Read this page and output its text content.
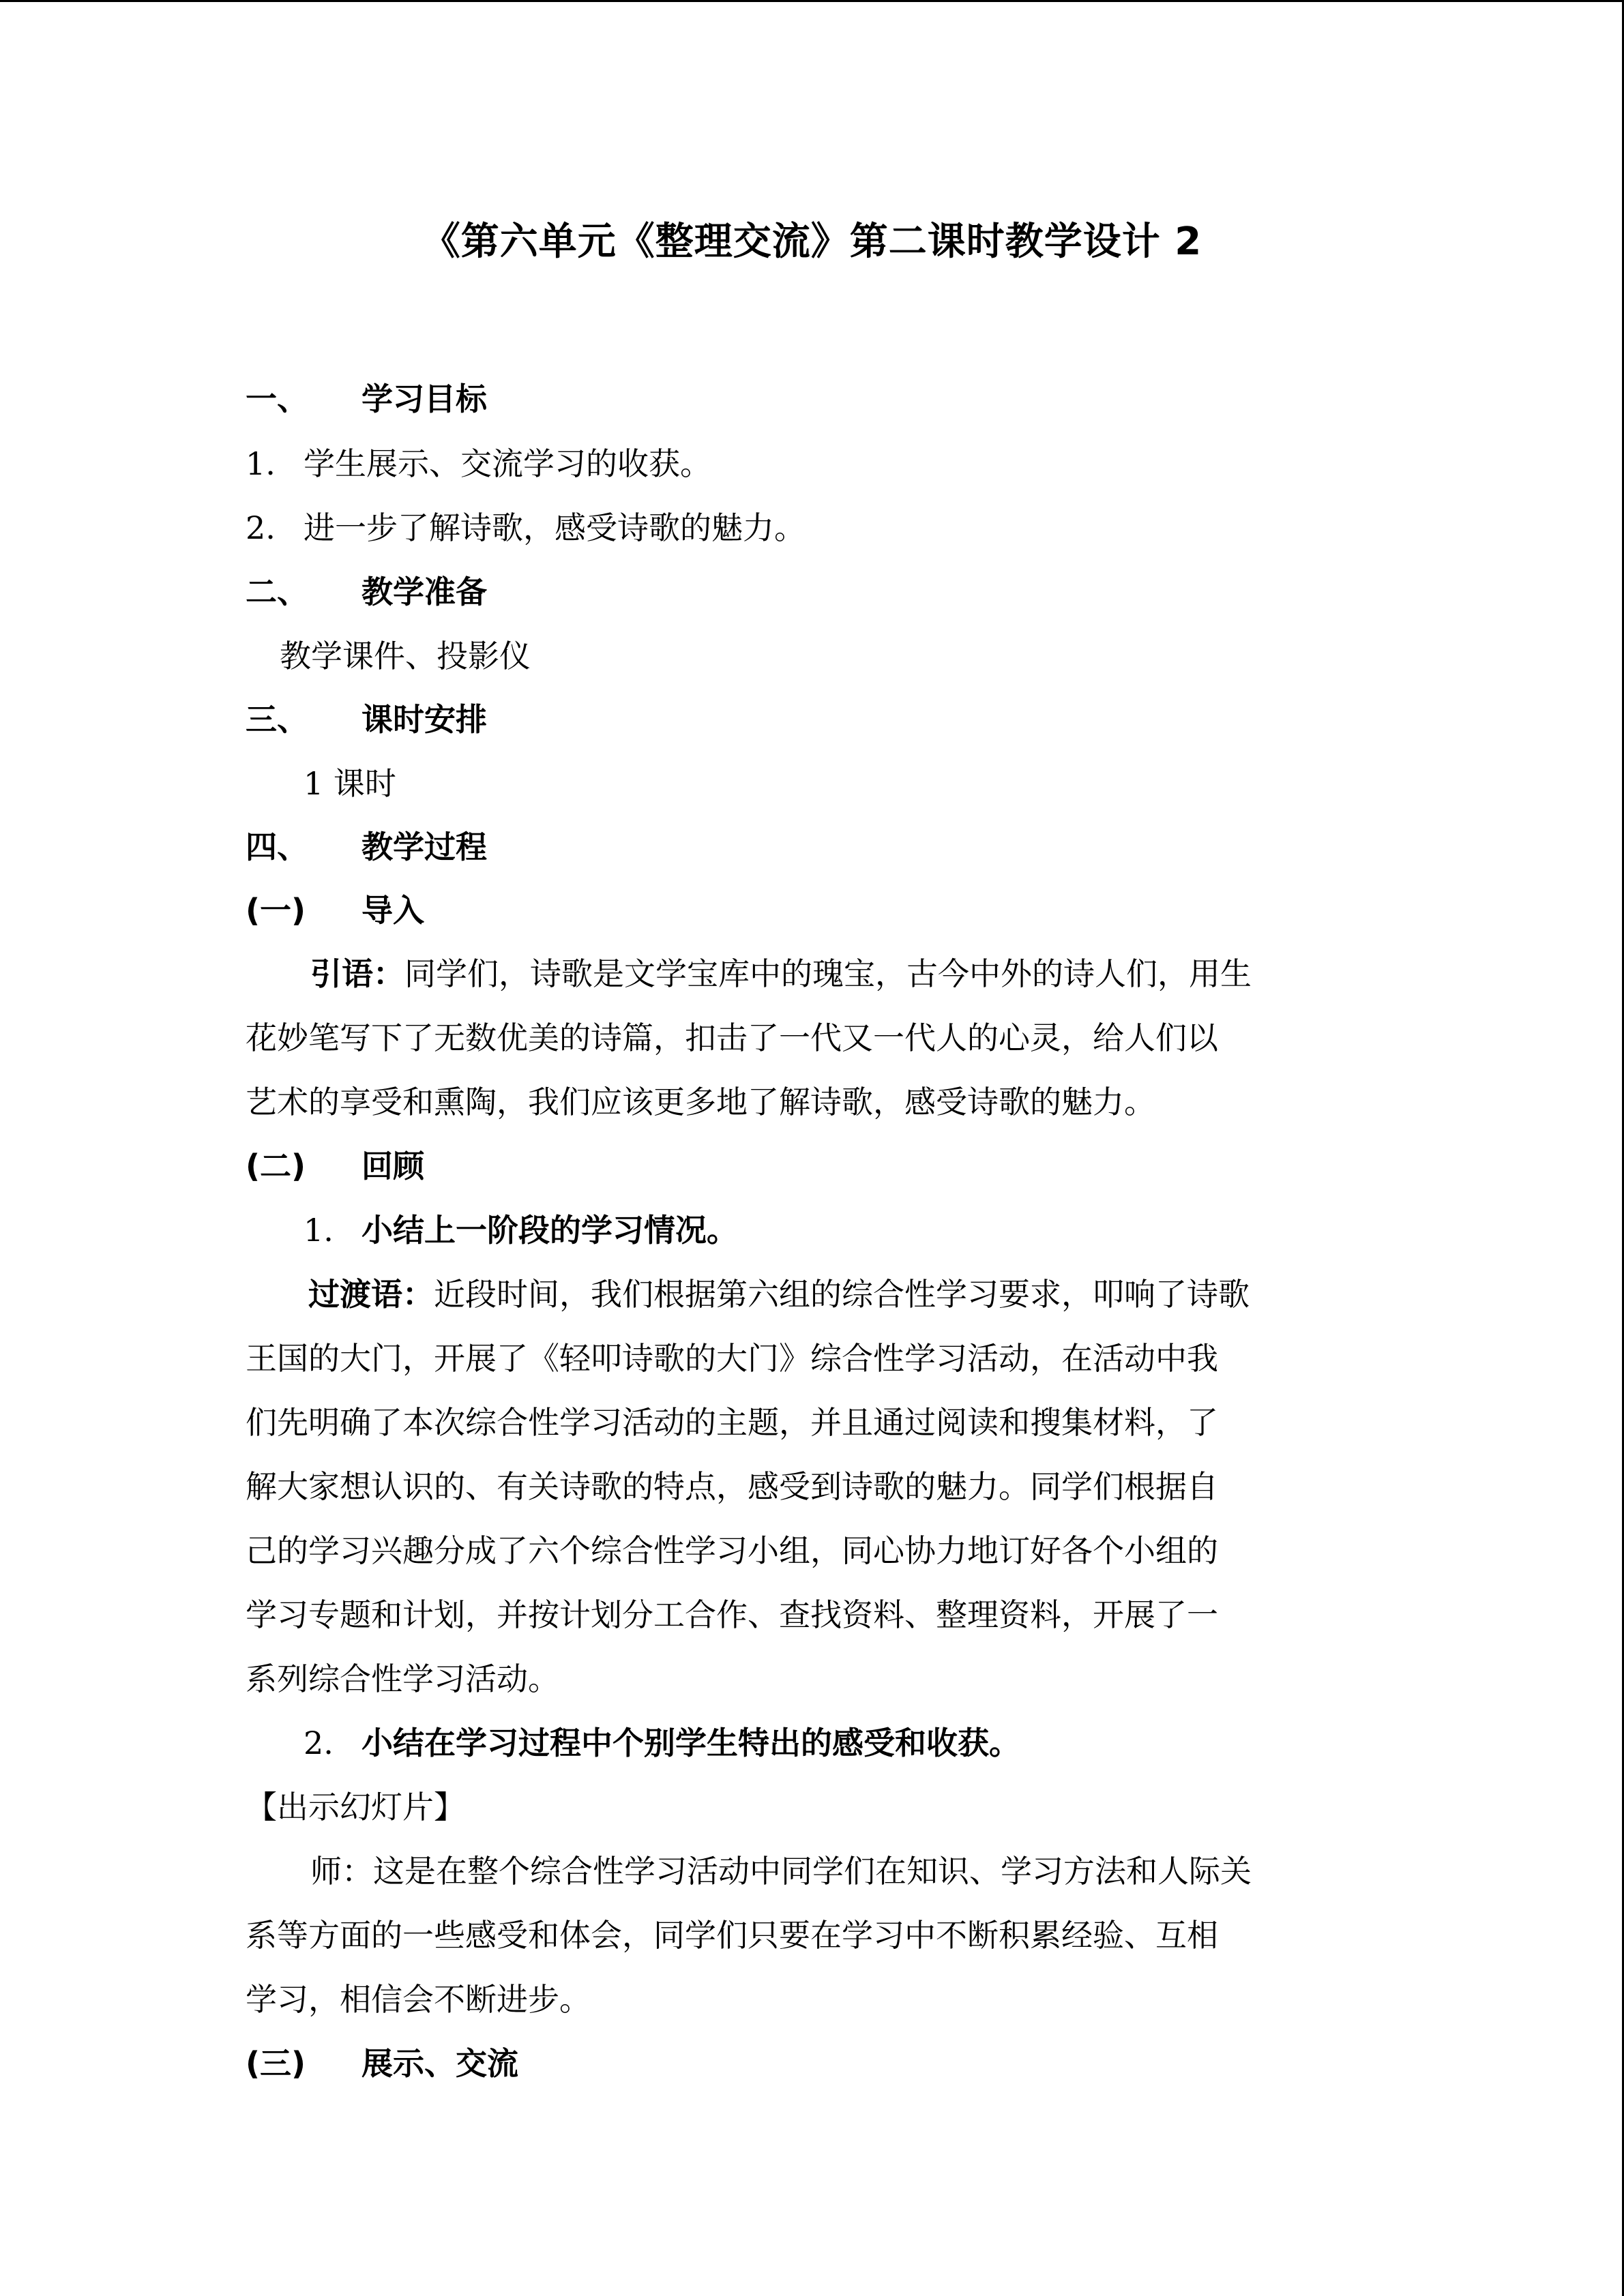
《第六单元《整理交流》第二课时教学设计 2
一、 学习目标
1. 学生展示、交流学习的收获。
2. 进一步了解诗歌，感受诗歌的魅力。
二、 教学准备
教学课件、投影仪
三、 课时安排
1 课时
四、 教学过程
(一) 导入
引语：同学们，诗歌是文学宝库中的瑰宝，古今中外的诗人们，用生
花妙笔写下了无数优美的诗篇，扣击了一代又一代人的心灵，给人们以
艺术的享受和熏陶，我们应该更多地了解诗歌，感受诗歌的魅力。
(二) 回顾
1. 小结上一阶段的学习情况。
过渡语：近段时间，我们根据第六组的综合性学习要求，叩响了诗歌
王国的大门，开展了《轻叩诗歌的大门》综合性学习活动，在活动中我
们先明确了本次综合性学习活动的主题，并且通过阅读和搜集材料，了
解大家想认识的、有关诗歌的特点，感受到诗歌的魅力。同学们根据自
己的学习兴趣分成了六个综合性学习小组，同心协力地订好各个小组的
学习专题和计划，并按计划分工合作、查找资料、整理资料，开展了一
系列综合性学习活动。
2. 小结在学习过程中个别学生特出的感受和收获。
【出示幻灯片】
师：这是在整个综合性学习活动中同学们在知识、学习方法和人际关
系等方面的一些感受和体会，同学们只要在学习中不断积累经验、互相
学习，相信会不断进步。
(三) 展示、交流
